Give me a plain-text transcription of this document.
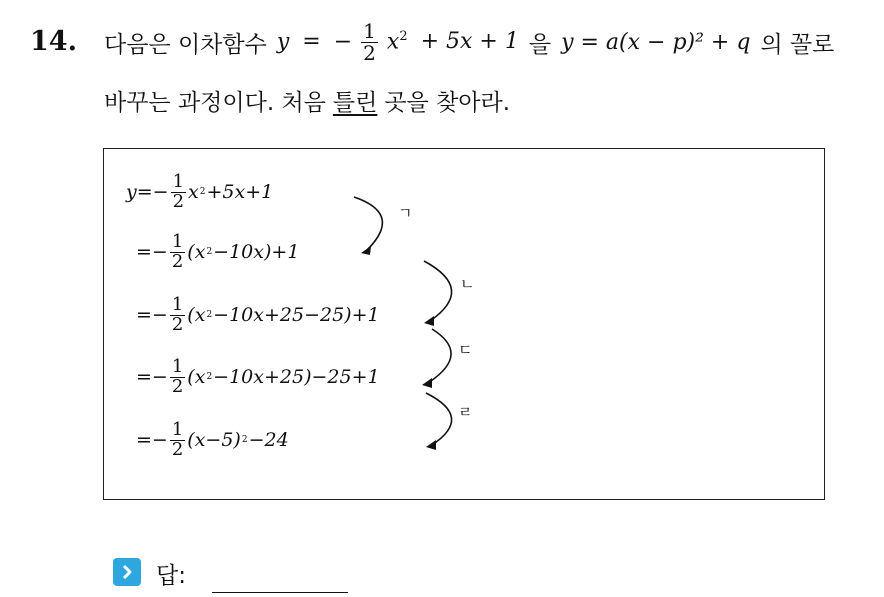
14. 다음은 이차함수 y = − $\frac{1}{2} x^2 + 5x + 1$ 을 y = a(x − p)² + q 의 꼴로
바꾸는 과정이다. 처음 틀린 곳을 찾아라.
$y=- \frac{1}{2}$ x 2 +5x+1
=− $\frac{1}{2} (x$ 2 −10x)+1
=− $\frac{1}{2} (x$ 2 −10x+25−25)+1
=− $\frac{1}{2} (x$ 2 −10x+25)−25+1
=− $\frac{1}{2} (x-5)$ 2 −24
ㄱ
ㄴ
ㄷ
ㄹ
답:
